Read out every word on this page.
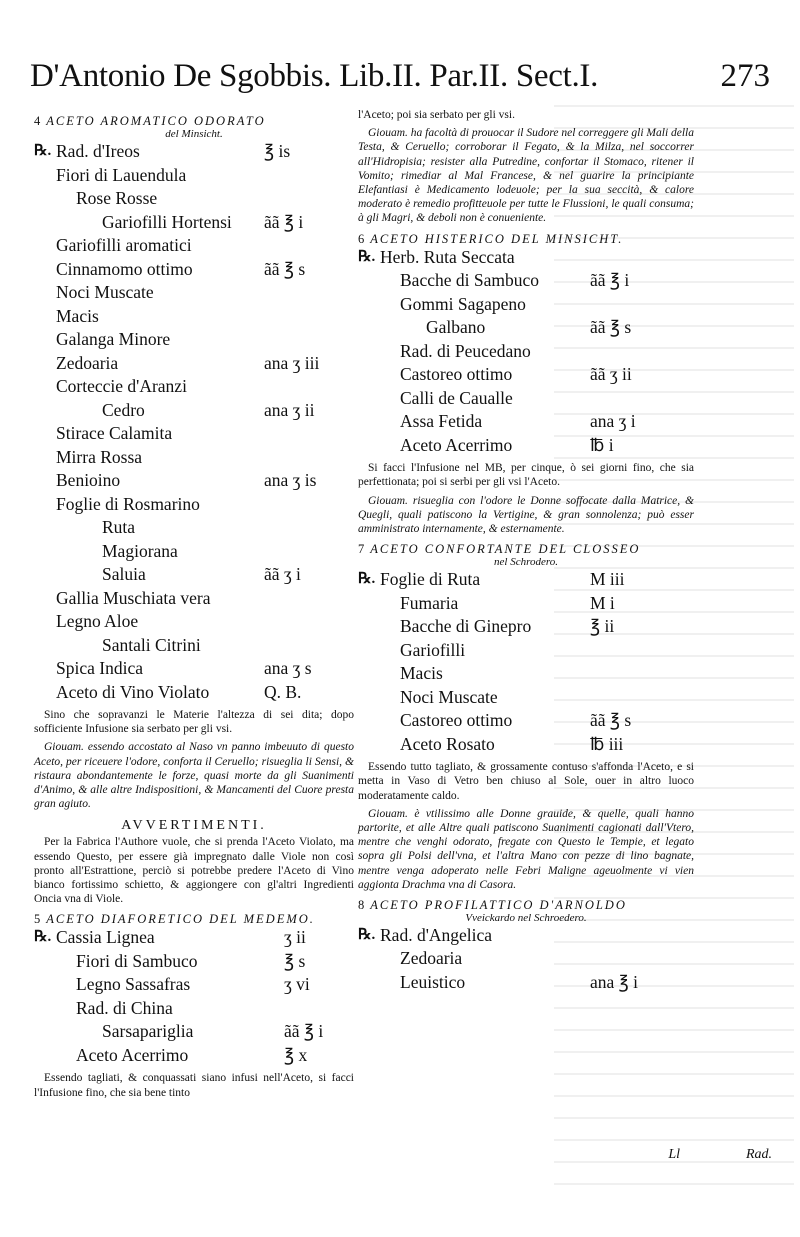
D'Antonio De Sgobbis. Lib.II. Par.II. Sect.I.	273
4 ACETO AROMATICO ODORATO
del Minsicht.
℞. Rad. d'Ireos	℥ is
Fiori di Lauendula
Rose Rosse
Gariofilli Hortensi ãã ℥ i
Gariofilli aromatici
Cinnamomo ottimo	ãã ℥ s
Noci Muscate
Macis
Galanga Minore
Zedoaria	ana ʒ iii
Corteccie d'Aranzi
Cedro	ana ʒ ii
Stirace Calamita
Mirra Rossa
Benioino	ana ʒ is
Foglie di Rosmarino
Ruta
Magiorana
Saluia	ãã ʒ i
Gallia Muschiata vera
Legno Aloe
Santali Citrini
Spica Indica	ana ʒ s
Aceto di Vino Violato	Q. B.

Sino che sopravanzi le Materie l'altezza di sei dita; dopo sofficiente Infusione sia serbato per gli vsi.

Giouam. essendo accostato al Naso vn panno imbeuuto di questo Aceto, per riceuere l'odore, conforta il Ceruello; risueglia li Sensi, & ristaura abondantemente le forze, quasi morte da gli Suanimenti d'Animo, & alle altre Indispositioni, & Mancamenti del Cuore presta gran agiuto.

AVVERTIMENTI.

Per la Fabrica l'Authore vuole, che si prenda l'Aceto Violato, ma essendo Questo, per essere già impregnato dalle Viole non così pronto all'Estrattione, perciò si potrebbe predere l'Aceto di Vino bianco fortissimo schietto, & aggiongere con gl'altri Ingredienti Oncia vna di Viole.

5 ACETO DIAFORETICO DEL MEDEMO.
℞. Cassia Lignea	ʒ ii
Fiori di Sambuco	℥ s
Legno Sassafras	ʒ vi
Rad. di China
Sarsapariglia	ãã ℥ i
Aceto Acerrimo	℥ x

Essendo tagliati, & conquassati siano infusi nell'Aceto, si facci l'Infusione fino, che sia bene tinto

l'Aceto; poi sia serbato per gli vsi.

Giouam. ha facoltà di prouocar il Sudore nel correggere gli Mali della Testa, & Ceruello; corroborar il Fegato, & la Milza, nel soccorrer all'Hidropisia; resister alla Putredine, confortar il Stomaco, ritener il Vomito; rimediar al Mal Francese, & nel guarire la principiante Elefantiasi è Medicamento lodeuole; per la sua seccità, & calore moderato è remedio profitteuole per tutte le Flussioni, le quali consuma; à gli Magri, & deboli non è conueniente.

6 ACETO HISTERICO DEL MINSICHT.
℞. Herb. Ruta Seccata
Bacche di Sambuco	ãã ℥ i
Gommi Sagapeno
Galbano	ãã ℥ s
Rad. di Peucedano
Castoreo ottimo	ãã ʒ ii
Calli de Caualle
Assa Fetida	ana ʒ i
Aceto Acerrimo	℔ i

Si facci l'Infusione nel MB, per cinque, ò sei giorni fino, che sia perfettionata; poi si serbi per gli vsi l'Aceto.

Giouam. risueglia con l'odore le Donne soffocate dalla Matrice, & Quegli, quali patiscono la Vertigine, & gran sonnolenza; può esser amministrato internamente, & esternamente.

7 ACETO CONFORTANTE DEL CLOSSEO
nel Schrodero.
℞. Foglie di Ruta	M iii
Fumaria	M i
Bacche di Ginepro	℥ ii
Gariofilli
Macis
Noci Muscate
Castoreo ottimo	ãã ℥ s
Aceto Rosato	℔ iii

Essendo tutto tagliato, & grossamente contuso s'affonda l'Aceto, e si metta in Vaso di Vetro ben chiuso al Sole, ouer in altro luoco moderatamente caldo.

Giouam. è vtilissimo alle Donne grauide, & quelle, quali hanno partorite, et alle Altre quali patiscono Suanimenti cagionati dall'Vtero, mentre che venghi odorato, fregate con Questo le Tempie, et legato sopra gli Polsi dell'vna, et l'altra Mano con pezze di lino bagnate, mentre venga adoperato nelle Febri Maligne ageuolmente vi vien aggionta Drachma vna di Casora.

8 ACETO PROFILATTICO D'ARNOLDO
Vveickardo nel Schroedero.
℞. Rad. d'Angelica
Zedoaria
Leuistico	ana ℥ i
Ll	Rad.
